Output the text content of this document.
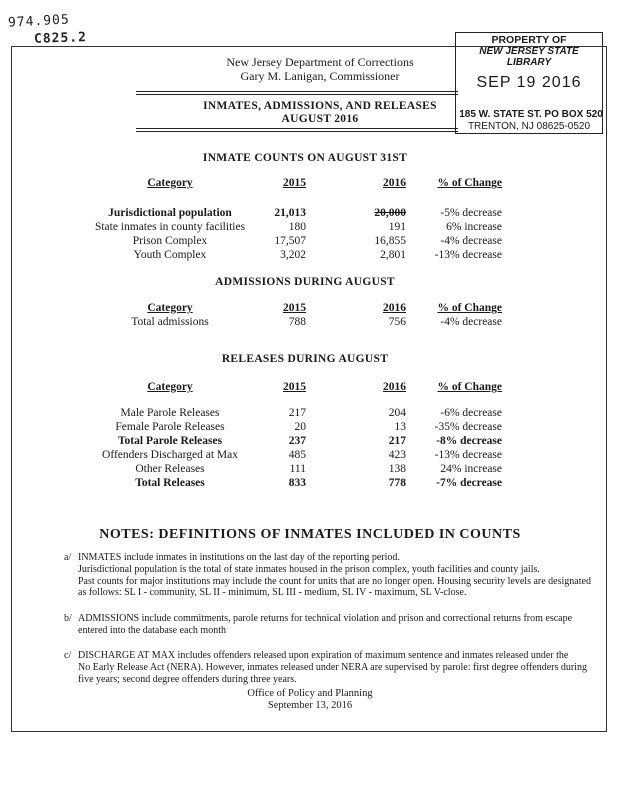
974.905
C825.2	PROPERTY OF
NEW JERSEY STATE LIBRARY
SEP 19 2016
185 W. STATE ST. PO BOX 520
TRENTON, NJ 08625-0520
New Jersey Department of Corrections
Gary M. Lanigan, Commissioner
INMATES, ADMISSIONS, AND RELEASES
AUGUST 2016
INMATE COUNTS ON AUGUST 31ST
Category	2015	2016	% of Change
Jurisdictional population	21,013	20,000	-5% decrease
State inmates in county facilities	180	191	6% increase
Prison Complex	17,507	16,855	-4% decrease
Youth Complex	3,202	2,801	-13% decrease
ADMISSIONS DURING AUGUST
Category	2015	2016	% of Change
Total admissions	788	756	-4% decrease
RELEASES DURING AUGUST
Category	2015	2016	% of Change
Male Parole Releases	217	204	-6% decrease
Female Parole Releases	20	13	-35% decrease
Total Parole Releases	237	217	-8% decrease
Offenders Discharged at Max	485	423	-13% decrease
Other Releases	111	138	24% increase
Total Releases	833	778	-7% decrease
NOTES: DEFINITIONS OF INMATES INCLUDED IN COUNTS
a/ INMATES include inmates in institutions on the last day of the reporting period.
Jurisdictional population is the total of state inmates housed in the prison complex, youth facilities and county jails.
Past counts for major institutions may include the count for units that are no longer open. Housing security levels are designated
as follows: SL I - community, SL II - minimum, SL III - medium, SL IV - maximum, SL V-close.
b/ ADMISSIONS include commitments, parole returns for technical violation and prison and correctional returns from escape
entered into the database each month
c/ DISCHARGE AT MAX includes offenders released upon expiration of maximum sentence and inmates released under the
No Early Release Act (NERA). However, inmates released under NERA are supervised by parole: first degree offenders during
five years; second degree offenders during three years.
Office of Policy and Planning
September 13, 2016
